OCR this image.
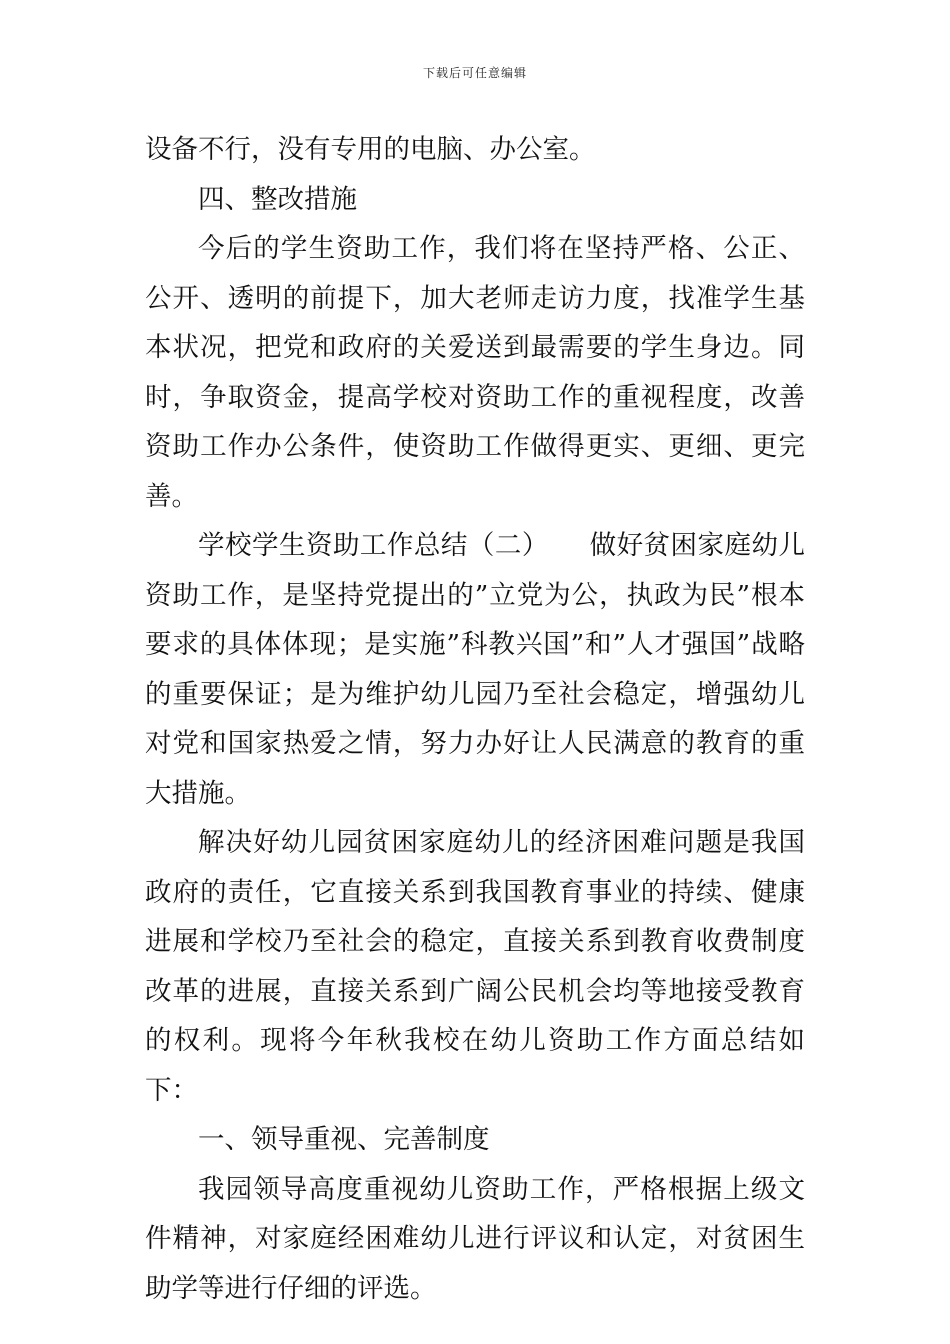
下载后可任意编辑

设备不行，没有专用的电脑、办公室。

四、整改措施

今后的学生资助工作，我们将在坚持严格、公正、公开、透明的前提下，加大老师走访力度，找准学生基本状况，把党和政府的关爱送到最需要的学生身边。同时，争取资金，提高学校对资助工作的重视程度，改善资助工作办公条件，使资助工作做得更实、更细、更完善。

学校学生资助工作总结（二）　　做好贫困家庭幼儿资助工作，是坚持党提出的”立党为公，执政为民”根本要求的具体体现；是实施”科教兴国”和”人才强国”战略的重要保证；是为维护幼儿园乃至社会稳定，增强幼儿对党和国家热爱之情，努力办好让人民满意的教育的重大措施。

解决好幼儿园贫困家庭幼儿的经济困难问题是我国政府的责任，它直接关系到我国教育事业的持续、健康进展和学校乃至社会的稳定，直接关系到教育收费制度改革的进展，直接关系到广阔公民机会均等地接受教育的权利。现将今年秋我校在幼儿资助工作方面总结如下：

一、领导重视、完善制度

我园领导高度重视幼儿资助工作，严格根据上级文件精神，对家庭经困难幼儿进行评议和认定，对贫困生助学等进行仔细的评选。
